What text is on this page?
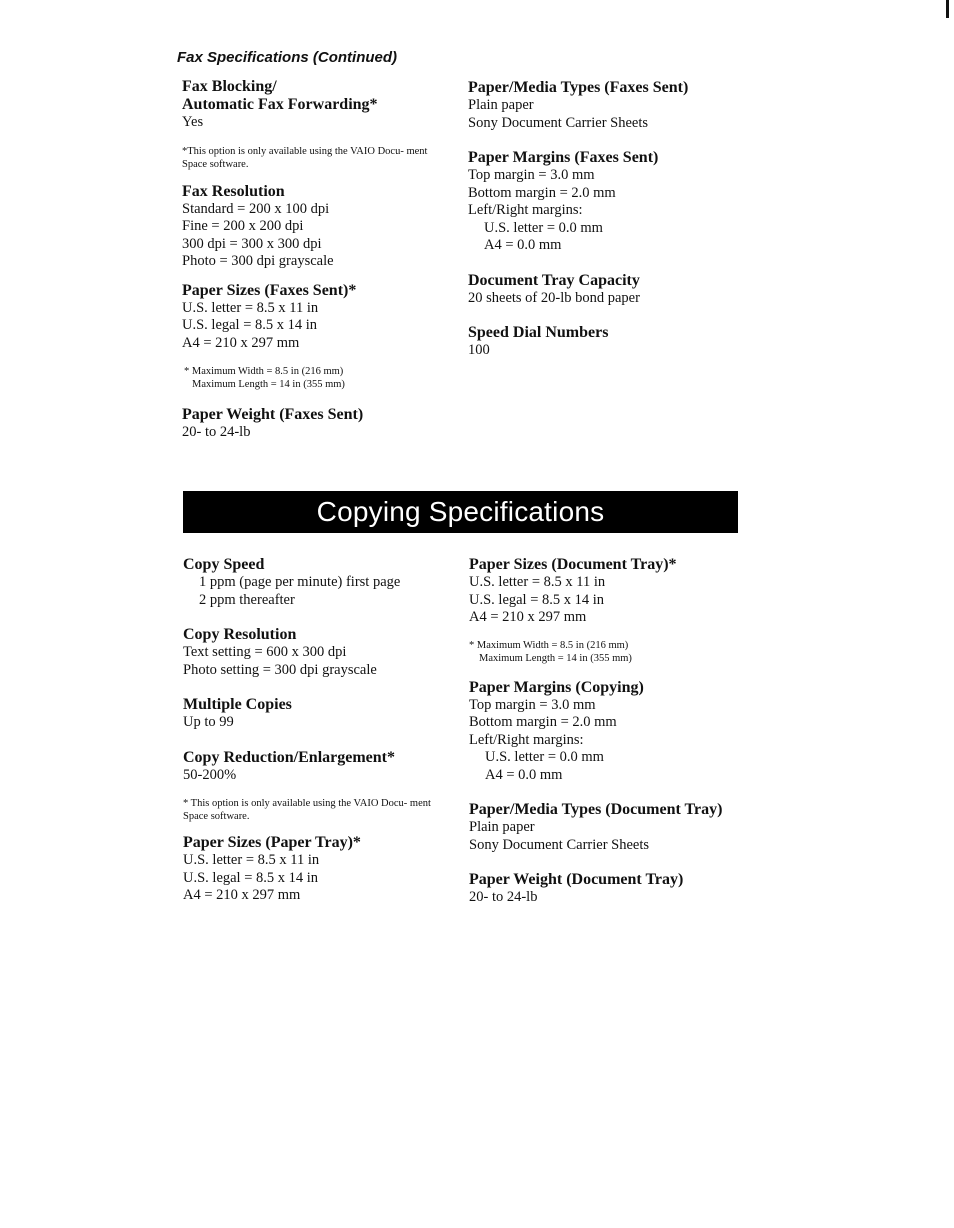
Fax Specifications (Continued)

Fax Blocking/

Automatic Fax Forwarding*

Yes

*This option is only available using the VAIO Docu- ment Space software.

Fax Resolution

Standard = 200 x 100 dpi

Fine = 200 x 200 dpi

300 dpi = 300 x 300 dpi

Photo = 300 dpi grayscale

Paper Sizes (Faxes Sent)*

U.S. letter = 8.5 x 11 in

U.S. legal = 8.5 x 14 in

A4 = 210 x 297 mm

* Maximum Width = 8.5 in (216 mm)

Maximum Length = 14 in (355 mm)

Paper Weight (Faxes Sent)

20- to 24-lb

Paper/Media Types (Faxes Sent)

Plain paper

Sony Document Carrier Sheets

Paper Margins (Faxes Sent)

Top margin = 3.0 mm

Bottom margin = 2.0 mm

Left/Right margins:

U.S. letter = 0.0 mm

A4 = 0.0 mm

Document Tray Capacity

20 sheets of 20-lb bond paper

Speed Dial Numbers

100

Copying Specifications

Copy Speed

1 ppm (page per minute) first page

2 ppm thereafter

Copy Resolution

Text setting = 600 x 300 dpi

Photo setting = 300 dpi grayscale

Multiple Copies

Up to 99

Copy Reduction/Enlargement*

50-200%

* This option is only available using the VAIO Docu- ment Space software.

Paper Sizes (Paper Tray)*

U.S. letter = 8.5 x 11 in

U.S. legal = 8.5 x 14 in

A4 = 210 x 297 mm

Paper Sizes (Document Tray)*

U.S. letter = 8.5 x 11 in

U.S. legal = 8.5 x 14 in

A4 = 210 x 297 mm

* Maximum Width = 8.5 in (216 mm)

Maximum Length = 14 in (355 mm)

Paper Margins (Copying)

Top margin = 3.0 mm

Bottom margin = 2.0 mm

Left/Right margins:

U.S. letter = 0.0 mm

A4 = 0.0 mm

Paper/Media Types (Document Tray)

Plain paper

Sony Document Carrier Sheets

Paper Weight (Document Tray)

20- to 24-lb
